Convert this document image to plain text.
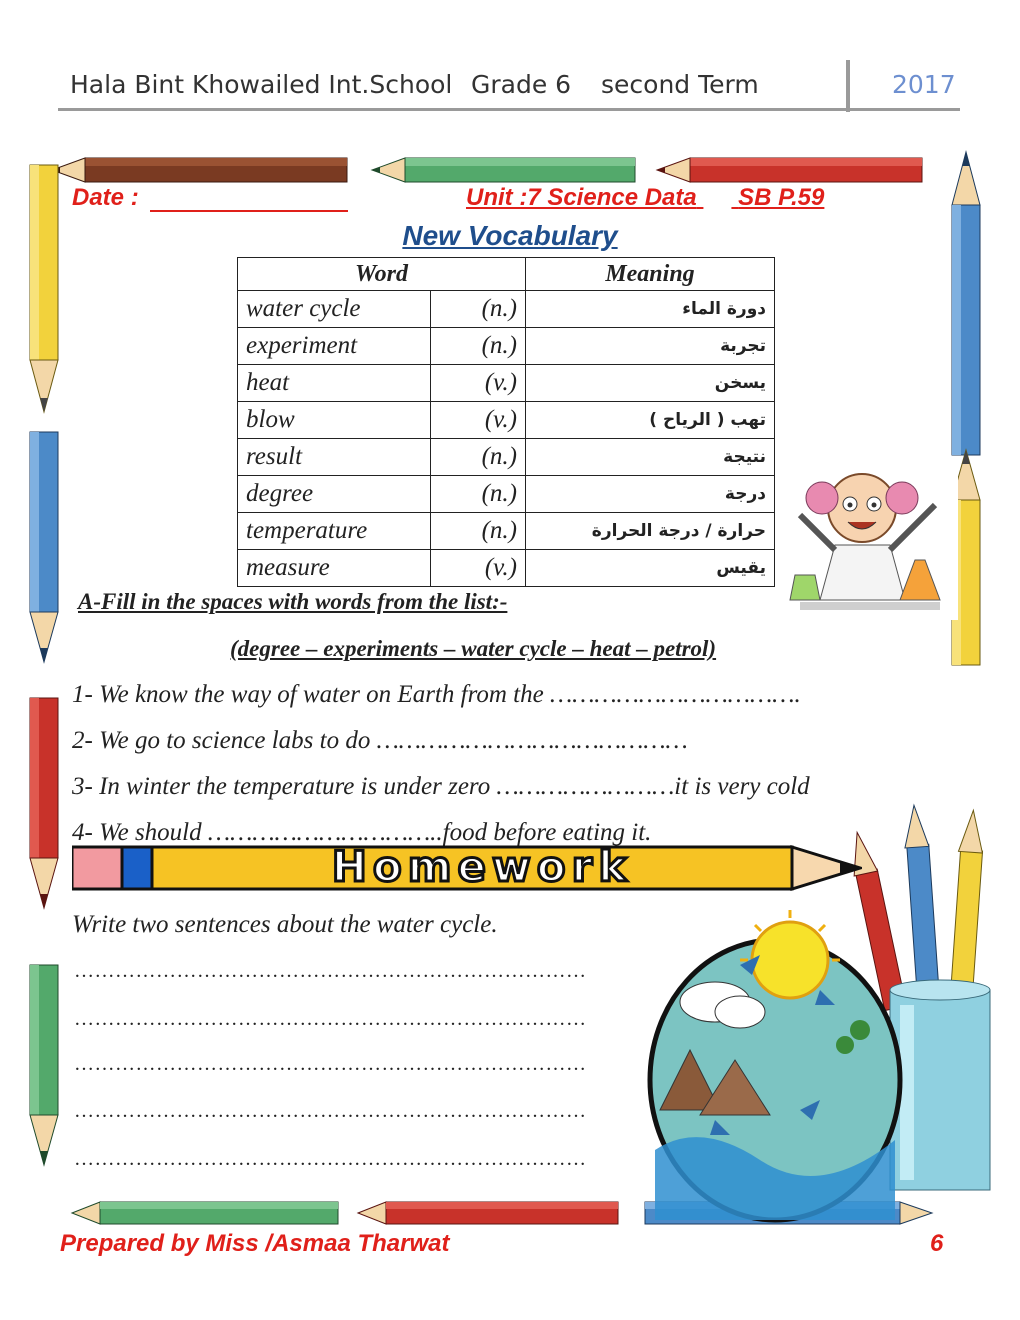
Hala Bint Khowailed Int.School Grade 6 second Term	2017
Date :	Unit :7 Science Data SB P.59
New Vocabulary
Word		Meaning
water cycle	(n.)	دورة الماء
experiment	(n.)	تجربة
heat	(v.)	يسخن
blow	(v.)	تهب ( الرياح )
result	(n.)	نتيجة
degree	(n.)	درجة
temperature	(n.)	حرارة / درجة الحرارة
measure	(v.)	يقيس
A-Fill in the spaces with words from the list:-
(degree – experiments – water cycle – heat – petrol)
1- We know the way of water on Earth from the …………………………….
2- We go to science labs to do ……………………………………
3- In winter the temperature is under zero ……………………it is very cold
4- We should …………………………..food before eating it.
Homework
Write two sentences about the water cycle.
…………………………………………………………………
…………………………………………………………………
…………………………………………………………………
…………………………………………………………………
…………………………………………………………………
Prepared by Miss /Asmaa Tharwat	6
